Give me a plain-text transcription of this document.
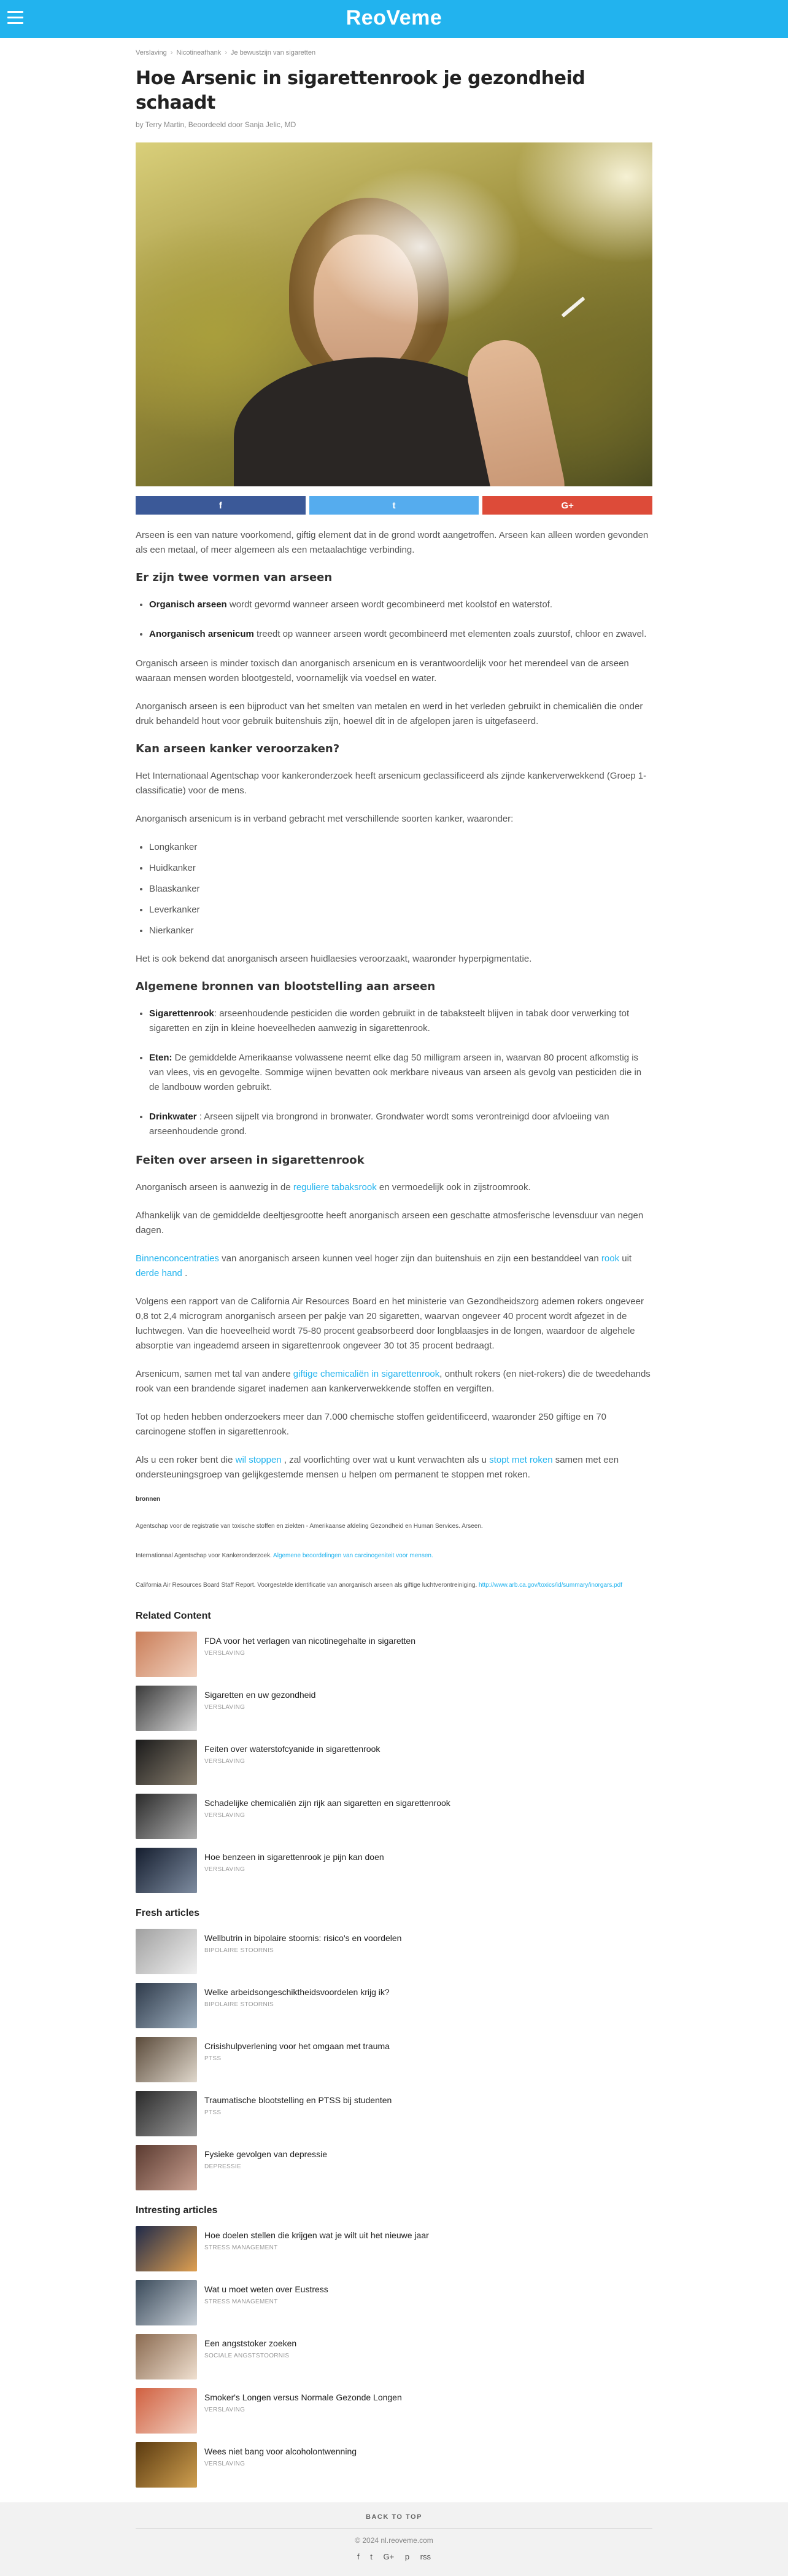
ReoVeme
Verslaving › Nicotineafhank › Je bewustzijn van sigaretten
Hoe Arsenic in sigarettenrook je gezondheid schaadt
by Terry Martin, Beoordeeld door Sanja Jelic, MD
f	t	G+

Arseen is een van nature voorkomend, giftig element dat in de grond wordt aangetroffen. Arseen kan alleen worden gevonden als een metaal, of meer algemeen als een metaalachtige verbinding.

Er zijn twee vormen van arseen
• Organisch arseen wordt gevormd wanneer arseen wordt gecombineerd met koolstof en waterstof.
• Anorganisch arsenicum treedt op wanneer arseen wordt gecombineerd met elementen zoals zuurstof, chloor en zwavel.

Organisch arseen is minder toxisch dan anorganisch arsenicum en is verantwoordelijk voor het merendeel van de arseen waaraan mensen worden blootgesteld, voornamelijk via voedsel en water.

Anorganisch arseen is een bijproduct van het smelten van metalen en werd in het verleden gebruikt in chemicaliën die onder druk behandeld hout voor gebruik buitenshuis zijn, hoewel dit in de afgelopen jaren is uitgefaseerd.

Kan arseen kanker veroorzaken?

Het Internationaal Agentschap voor kankeronderzoek heeft arsenicum geclassificeerd als zijnde kankerverwekkend (Groep 1-classificatie) voor de mens.

Anorganisch arsenicum is in verband gebracht met verschillende soorten kanker, waaronder:

• Longkanker
• Huidkanker
• Blaaskanker
• Leverkanker
• Nierkanker

Het is ook bekend dat anorganisch arseen huidlaesies veroorzaakt, waaronder hyperpigmentatie.

Algemene bronnen van blootstelling aan arseen
• Sigarettenrook: arseenhoudende pesticiden die worden gebruikt in de tabaksteelt blijven in tabak door verwerking tot sigaretten en zijn in kleine hoeveelheden aanwezig in sigarettenrook.
• Eten: De gemiddelde Amerikaanse volwassene neemt elke dag 50 milligram arseen in, waarvan 80 procent afkomstig is van vlees, vis en gevogelte. Sommige wijnen bevatten ook merkbare niveaus van arseen als gevolg van pesticiden die in de landbouw worden gebruikt.
• Drinkwater : Arseen sijpelt via brongrond in bronwater. Grondwater wordt soms verontreinigd door afvloeiing van arseenhoudende grond.
Feiten over arseen in sigarettenrook

Anorganisch arseen is aanwezig in de reguliere tabaksrook en vermoedelijk ook in zijstroomrook.

Afhankelijk van de gemiddelde deeltjesgrootte heeft anorganisch arseen een geschatte atmosferische levensduur van negen dagen.

Binnenconcentraties van anorganisch arseen kunnen veel hoger zijn dan buitenshuis en zijn een bestanddeel van rook uit derde hand .

Volgens een rapport van de California Air Resources Board en het ministerie van Gezondheidszorg ademen rokers ongeveer 0,8 tot 2,4 microgram anorganisch arseen per pakje van 20 sigaretten, waarvan ongeveer 40 procent wordt afgezet in de luchtwegen. Van die hoeveelheid wordt 75-80 procent geabsorbeerd door longblaasjes in de longen, waardoor de algehele absorptie van ingeademd arseen in sigarettenrook ongeveer 30 tot 35 procent bedraagt.

Arsenicum, samen met tal van andere giftige chemicaliën in sigarettenrook, onthult rokers (en niet-rokers) die de tweedehands rook van een brandende sigaret inademen aan kankerverwekkende stoffen en vergiften.

Tot op heden hebben onderzoekers meer dan 7.000 chemische stoffen geïdentificeerd, waaronder 250 giftige en 70 carcinogene stoffen in sigarettenrook.

Als u een roker bent die wil stoppen , zal voorlichting over wat u kunt verwachten als u stopt met roken samen met een ondersteuningsgroep van gelijkgestemde mensen u helpen om permanent te stoppen met roken.

bronnen
Agentschap voor de registratie van toxische stoffen en ziekten - Amerikaanse afdeling Gezondheid en Human Services. Arseen.
Internationaal Agentschap voor Kankeronderzoek. Algemene beoordelingen van carcinogeniteit voor mensen.
California Air Resources Board Staff Report. Voorgestelde identificatie van anorganisch arseen als giftige luchtverontreiniging. http://www.arb.ca.gov/toxics/id/summary/inorgars.pdf
Related Content
FDA voor het verlagen van nicotinegehalte in sigaretten
VERSLAVING
Sigaretten en uw gezondheid
VERSLAVING
Feiten over waterstofcyanide in sigarettenrook
VERSLAVING
Schadelijke chemicaliën zijn rijk aan sigaretten en sigarettenrook
VERSLAVING
Hoe benzeen in sigarettenrook je pijn kan doen
VERSLAVING
Fresh articles
Wellbutrin in bipolaire stoornis: risico's en voordelen
BIPOLAIRE STOORNIS
Welke arbeidsongeschiktheidsvoordelen krijg ik?
BIPOLAIRE STOORNIS
Crisishulpverlening voor het omgaan met trauma
PTSS
Traumatische blootstelling en PTSS bij studenten
PTSS
Fysieke gevolgen van depressie
DEPRESSIE
Intresting articles
Hoe doelen stellen die krijgen wat je wilt uit het nieuwe jaar
STRESS MANAGEMENT
Wat u moet weten over Eustress
STRESS MANAGEMENT
Een angststoker zoeken
SOCIALE ANGSTSTOORNIS
Smoker's Longen versus Normale Gezonde Longen
VERSLAVING
Wees niet bang voor alcoholontwenning
VERSLAVING
BACK TO TOP
© 2024 nl.reoveme.com
f t G+ p rss
